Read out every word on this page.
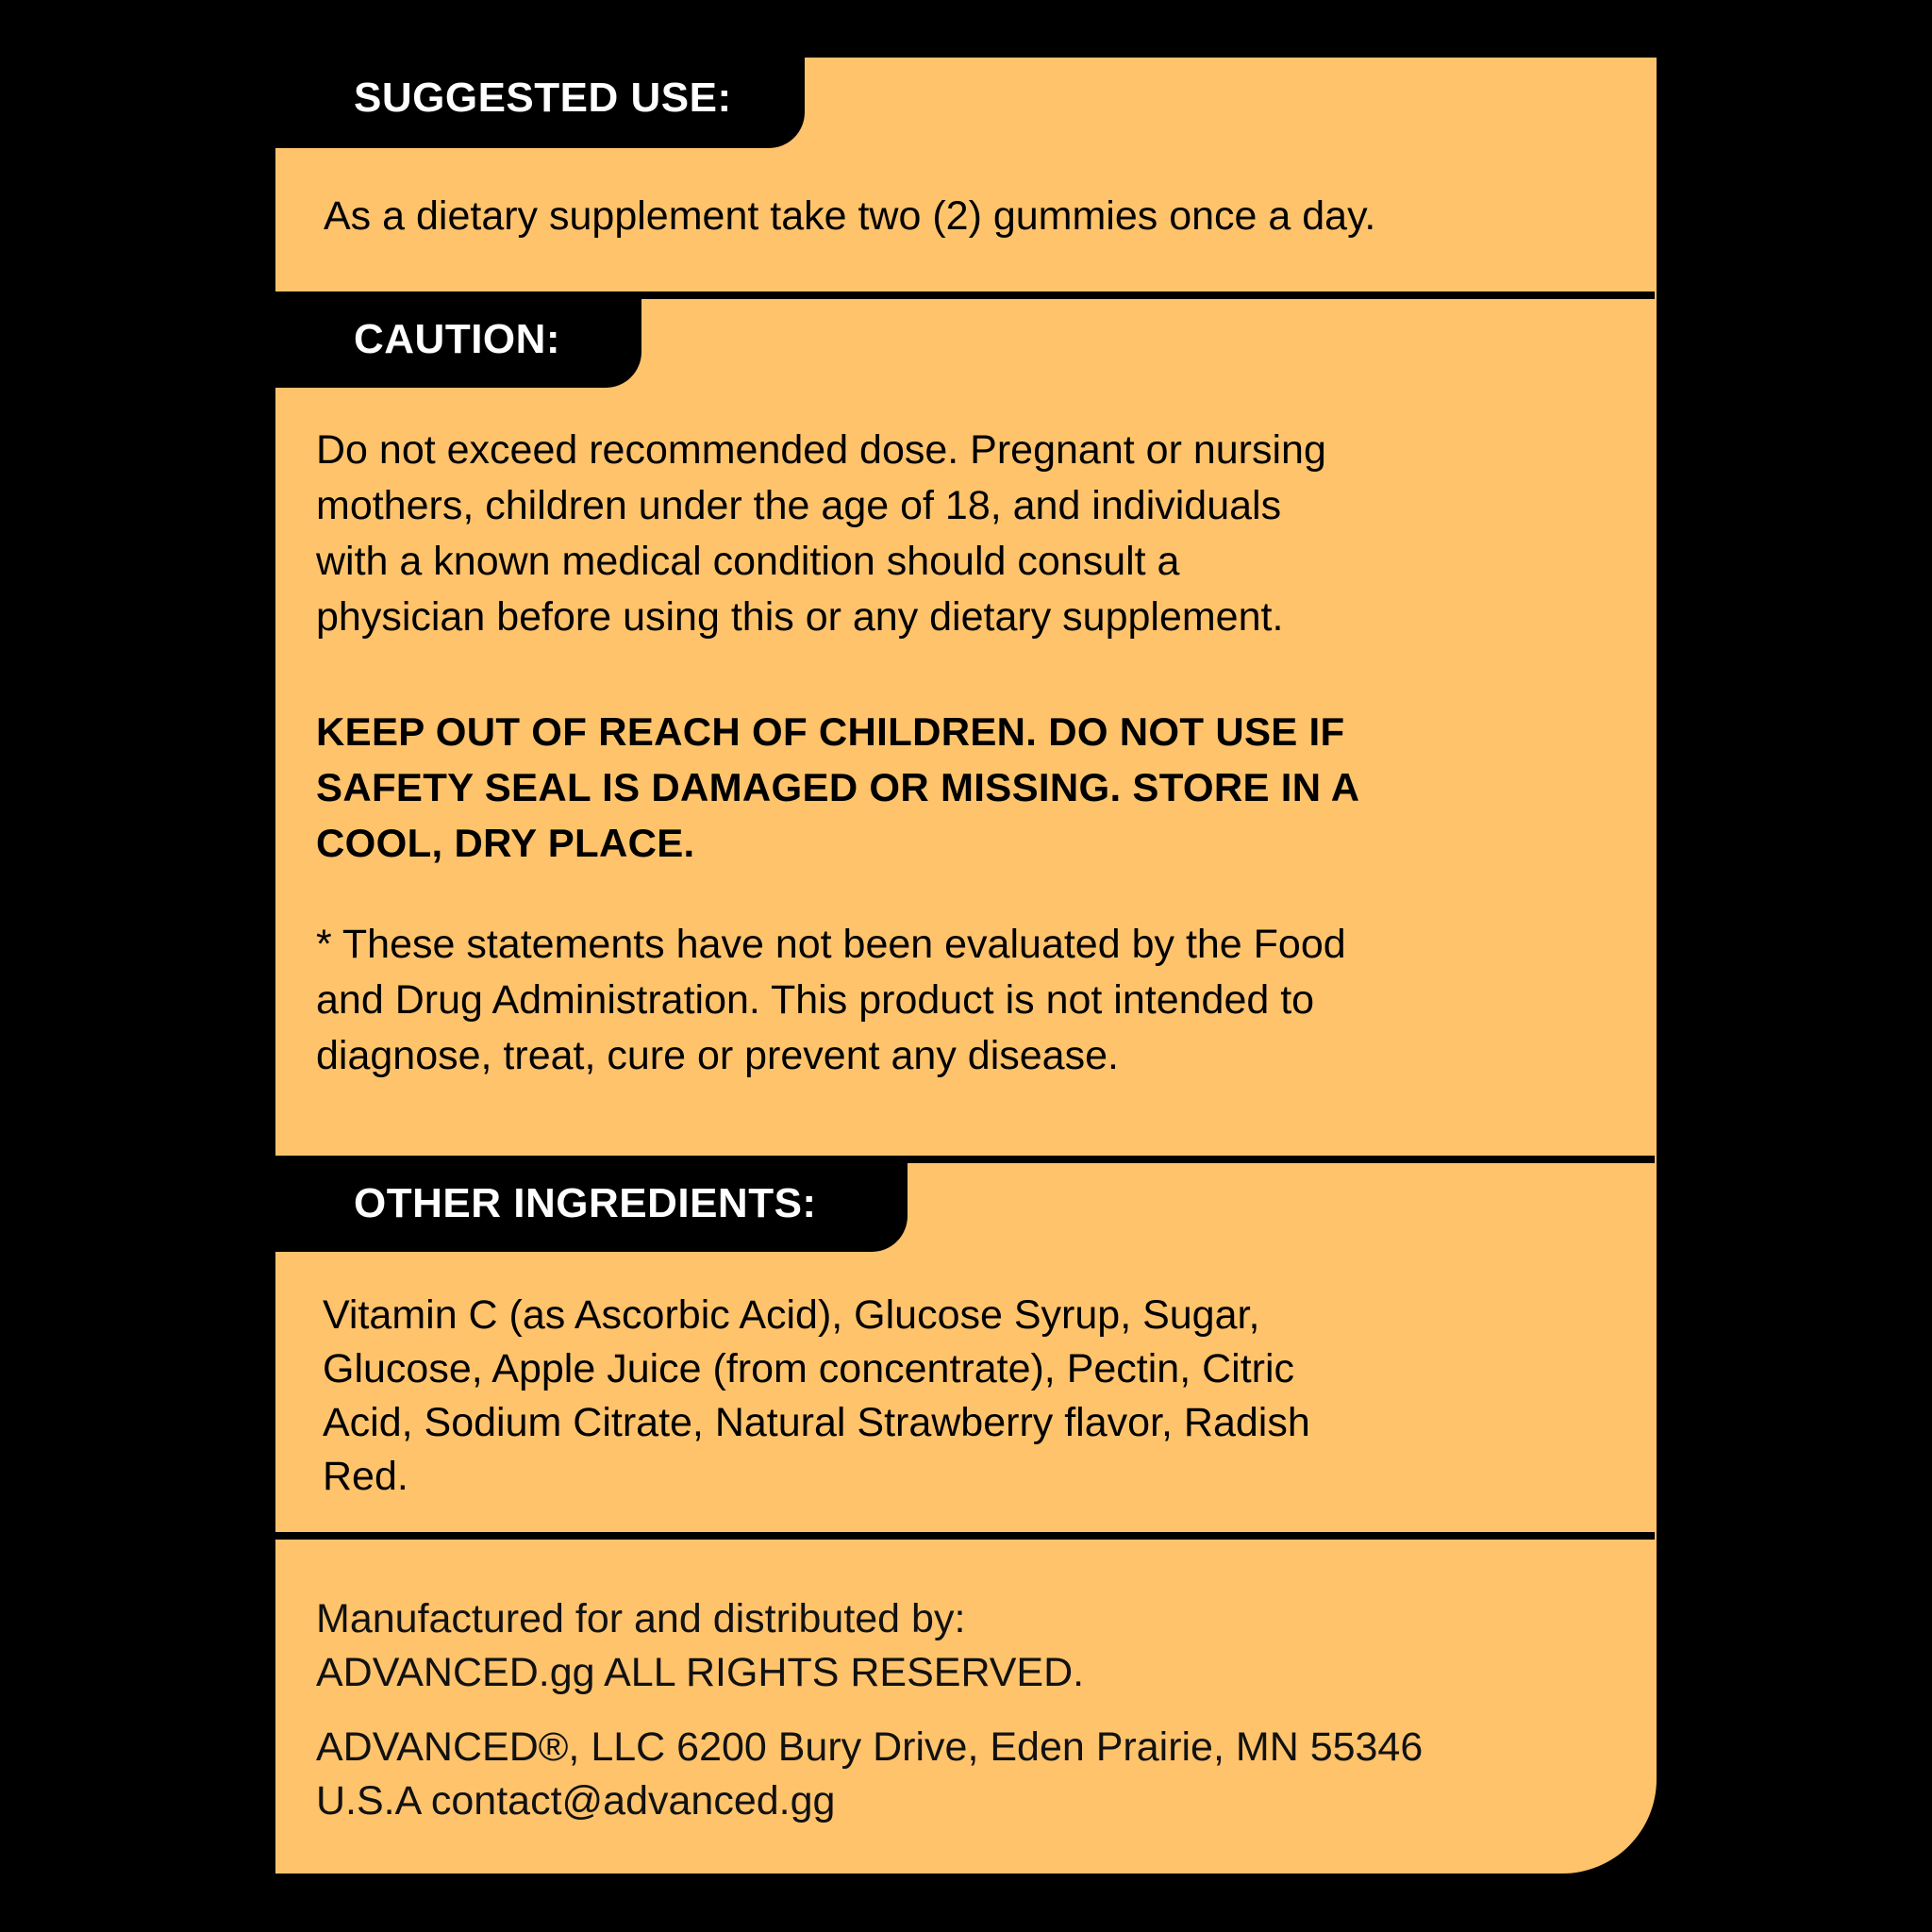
SUGGESTED USE:
As a dietary supplement take two (2) gummies once a day.
CAUTION:
Do not exceed recommended dose. Pregnant or nursing
mothers, children under the age of 18, and individuals
with a known medical condition should consult a
physician before using this or any dietary supplement.
KEEP OUT OF REACH OF CHILDREN. DO NOT USE IF
SAFETY SEAL IS DAMAGED OR MISSING. STORE IN A
COOL, DRY PLACE.
* These statements have not been evaluated by the Food
and Drug Administration. This product is not intended to
diagnose, treat, cure or prevent any disease.
OTHER INGREDIENTS:
Vitamin C (as Ascorbic Acid), Glucose Syrup, Sugar,
Glucose, Apple Juice (from concentrate), Pectin, Citric
Acid, Sodium Citrate, Natural Strawberry flavor, Radish
Red.
Manufactured for and distributed by:
ADVANCED.gg ALL RIGHTS RESERVED.
ADVANCED®, LLC 6200 Bury Drive, Eden Prairie, MN 55346
U.S.A contact@advanced.gg
